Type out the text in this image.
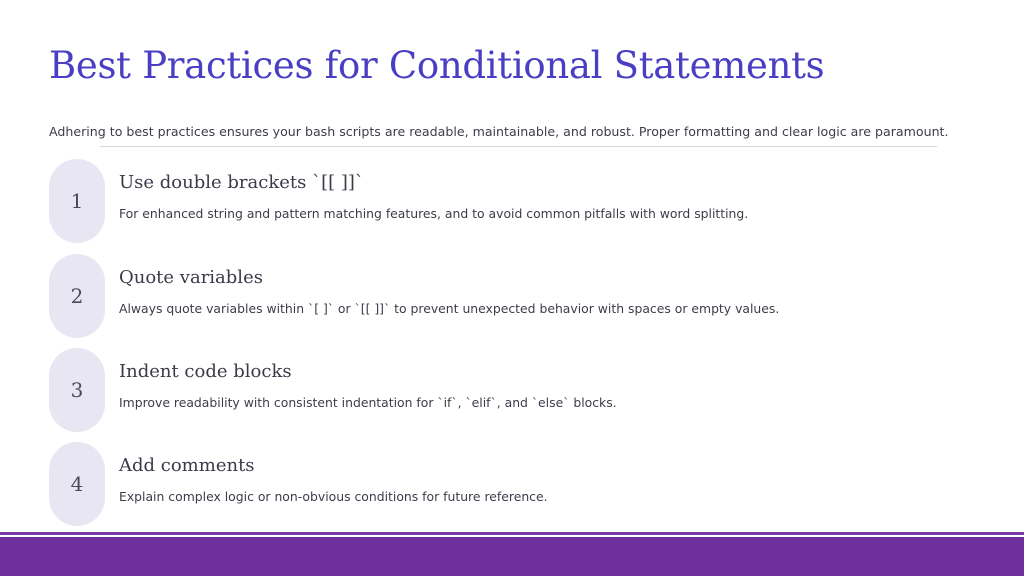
Best Practices for Conditional Statements

Adhering to best practices ensures your bash scripts are readable, maintainable, and robust. Proper formatting and clear logic are paramount.

1
Use double brackets `[[ ]]`

For enhanced string and pattern matching features, and to avoid common pitfalls with word splitting.

2
Quote variables

Always quote variables within `[ ]` or `[[ ]]` to prevent unexpected behavior with spaces or empty values.

3
Indent code blocks

Improve readability with consistent indentation for `if`, `elif`, and `else` blocks.

4
Add comments

Explain complex logic or non-obvious conditions for future reference.
